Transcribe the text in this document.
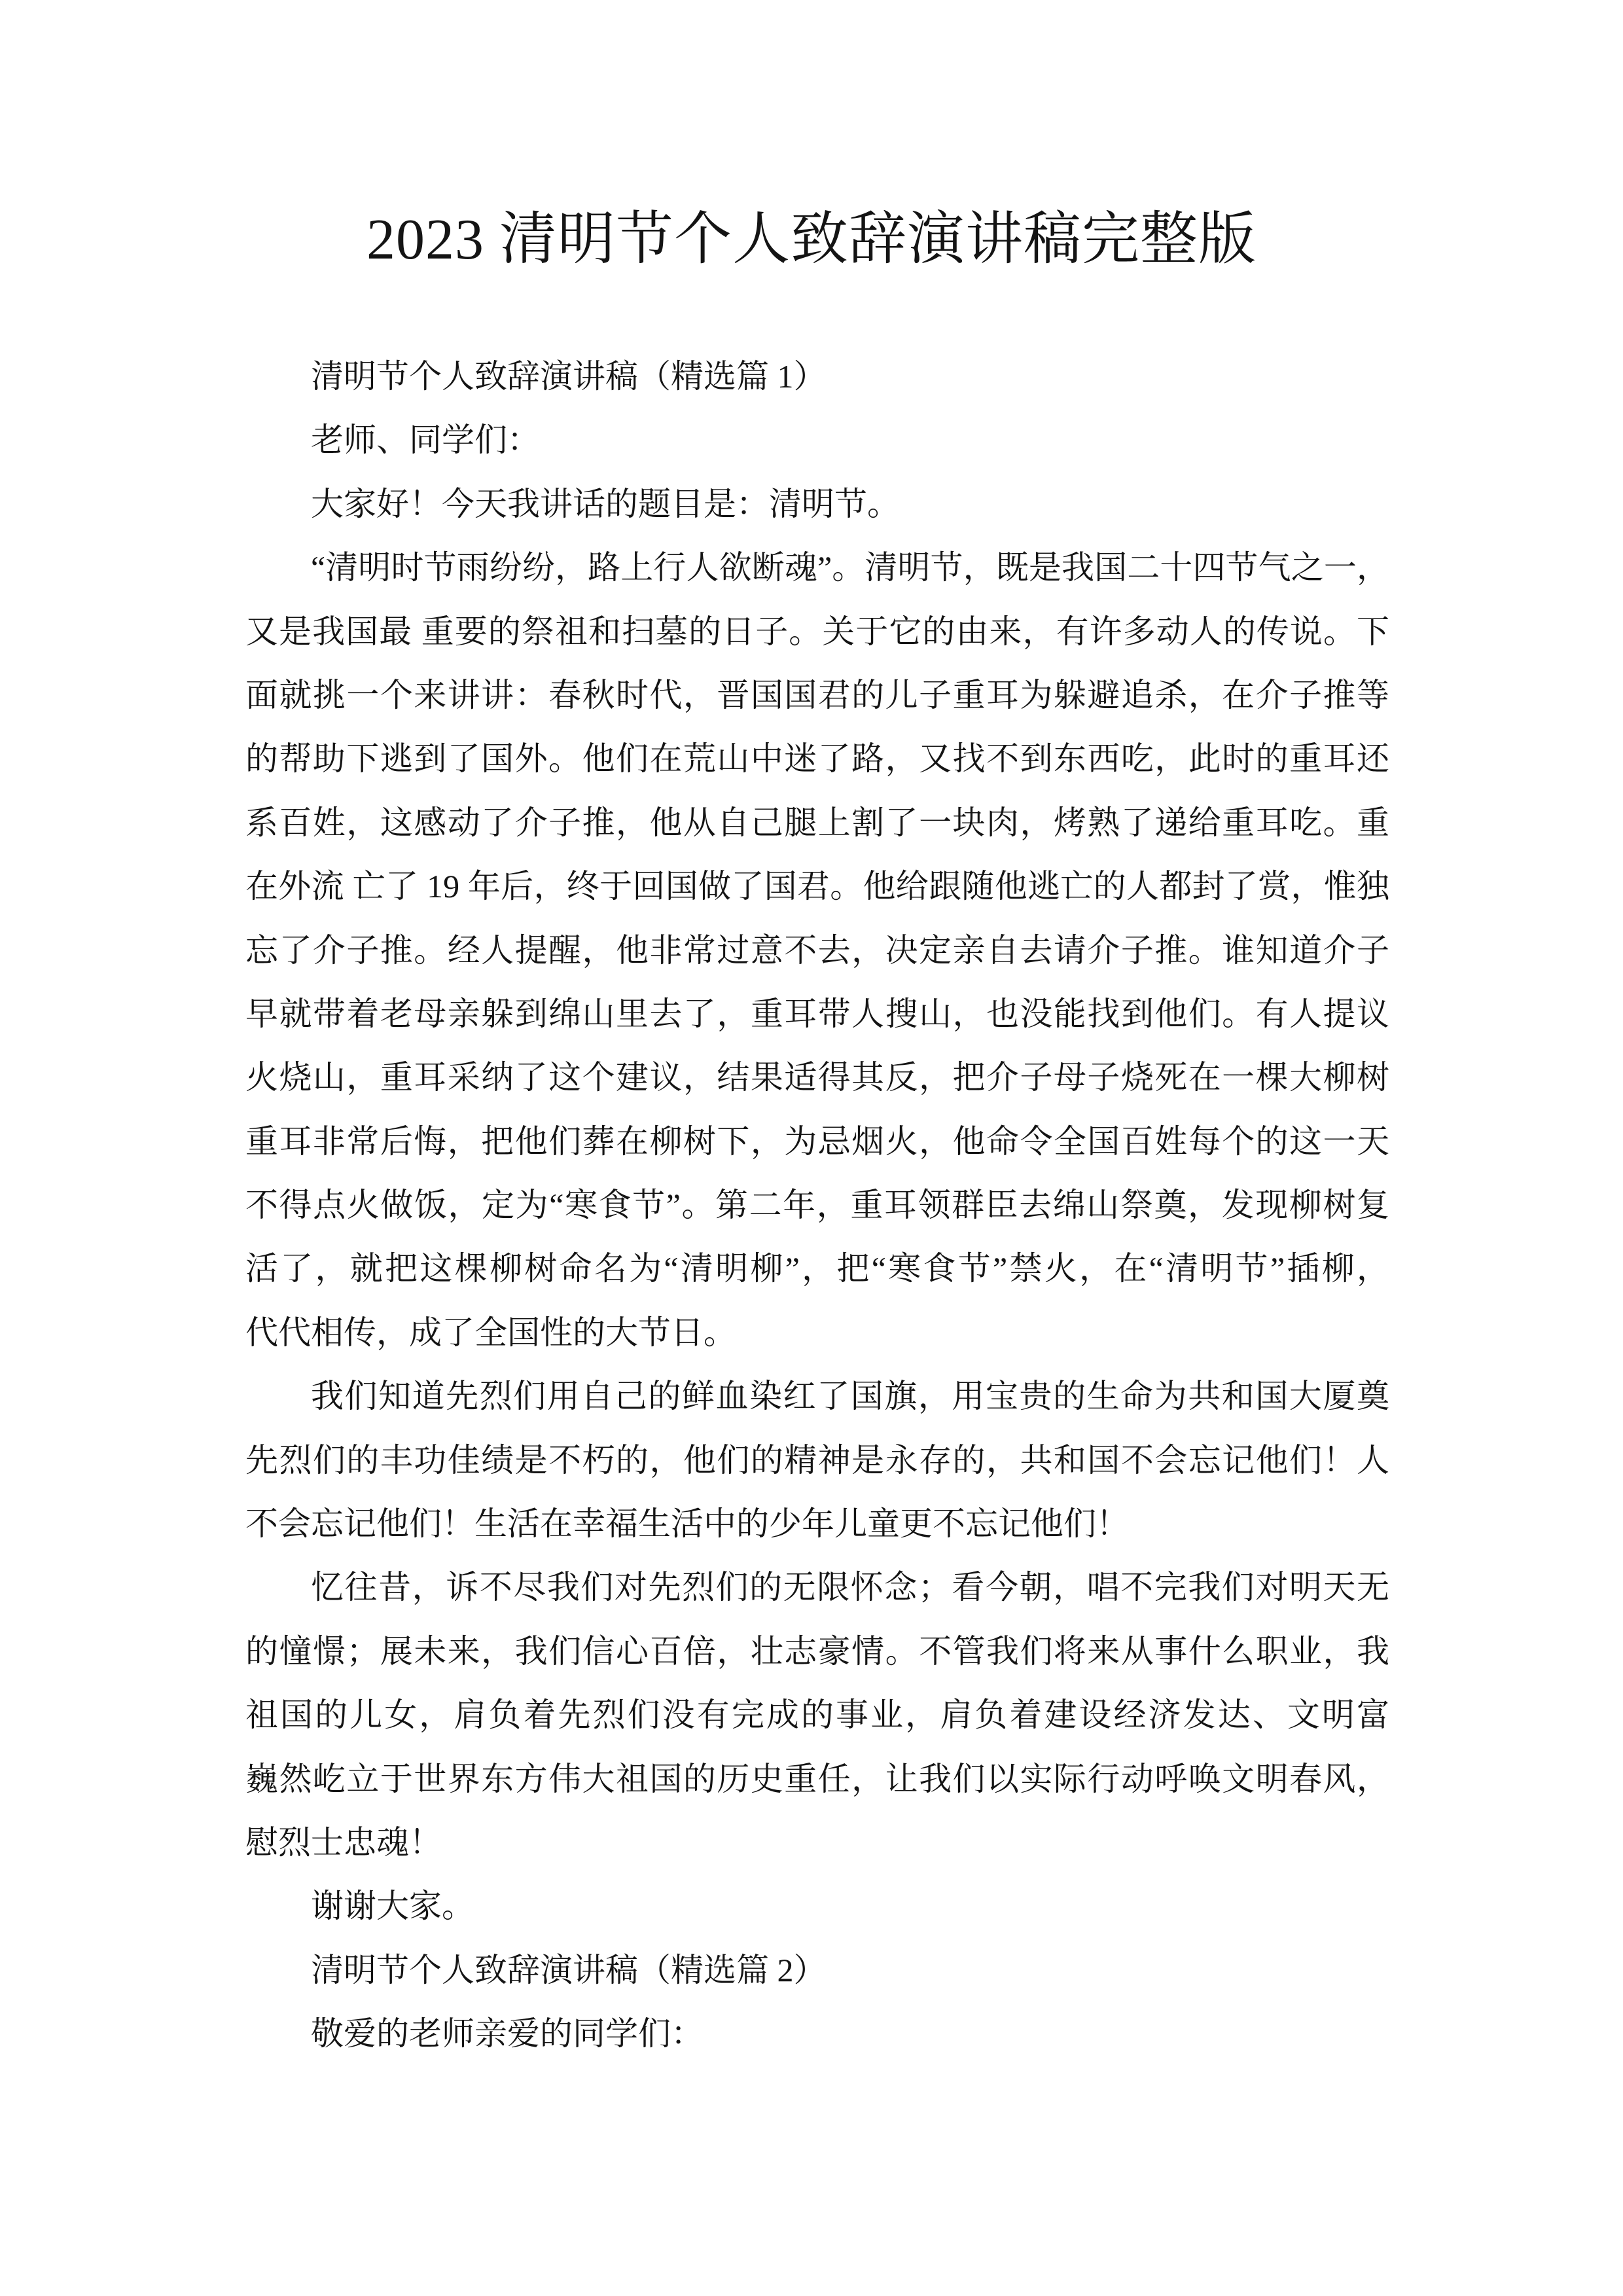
2023 清明节个人致辞演讲稿完整版
清明节个人致辞演讲稿（精选篇 1）
老师、同学们：
大家好！今天我讲话的题目是：清明节。
“清明时节雨纷纷，路上行人欲断魂”。清明节，既是我国二十四节气之一，
又是我国最 重要的祭祖和扫墓的日子。关于它的由来，有许多动人的传说。下
面就挑一个来讲讲：春秋时代，晋国国君的儿子重耳为躲避追杀，在介子推等
的帮助下逃到了国外。他们在荒山中迷了路，又找不到东西吃，此时的重耳还
系百姓，这感动了介子推，他从自己腿上割了一块肉，烤熟了递给重耳吃。重
在外流 亡了 19 年后，终于回国做了国君。他给跟随他逃亡的人都封了赏，惟独
忘了介子推。经人提醒，他非常过意不去，决定亲自去请介子推。谁知道介子
早就带着老母亲躲到绵山里去了，重耳带人搜山，也没能找到他们。有人提议
火烧山，重耳采纳了这个建议，结果适得其反，把介子母子烧死在一棵大柳树
重耳非常后悔，把他们葬在柳树下，为忌烟火，他命令全国百姓每个的这一天
不得点火做饭，定为“寒食节”。第二年，重耳领群臣去绵山祭奠，发现柳树复
活了，就把这棵柳树命名为“清明柳”，把“寒食节”禁火，在“清明节”插柳，
代代相传，成了全国性的大节日。
我们知道先烈们用自己的鲜血染红了国旗，用宝贵的生命为共和国大厦奠
先烈们的丰功佳绩是不朽的，他们的精神是永存的，共和国不会忘记他们！人
不会忘记他们！生活在幸福生活中的少年儿童更不忘记他们！
忆往昔，诉不尽我们对先烈们的无限怀念；看今朝，唱不完我们对明天无
的憧憬；展未来，我们信心百倍，壮志豪情。不管我们将来从事什么职业，我
祖国的儿女，肩负着先烈们没有完成的事业，肩负着建设经济发达、文明富
巍然屹立于世界东方伟大祖国的历史重任，让我们以实际行动呼唤文明春风，
慰烈士忠魂！
谢谢大家。
清明节个人致辞演讲稿（精选篇 2）
敬爱的老师亲爱的同学们：
